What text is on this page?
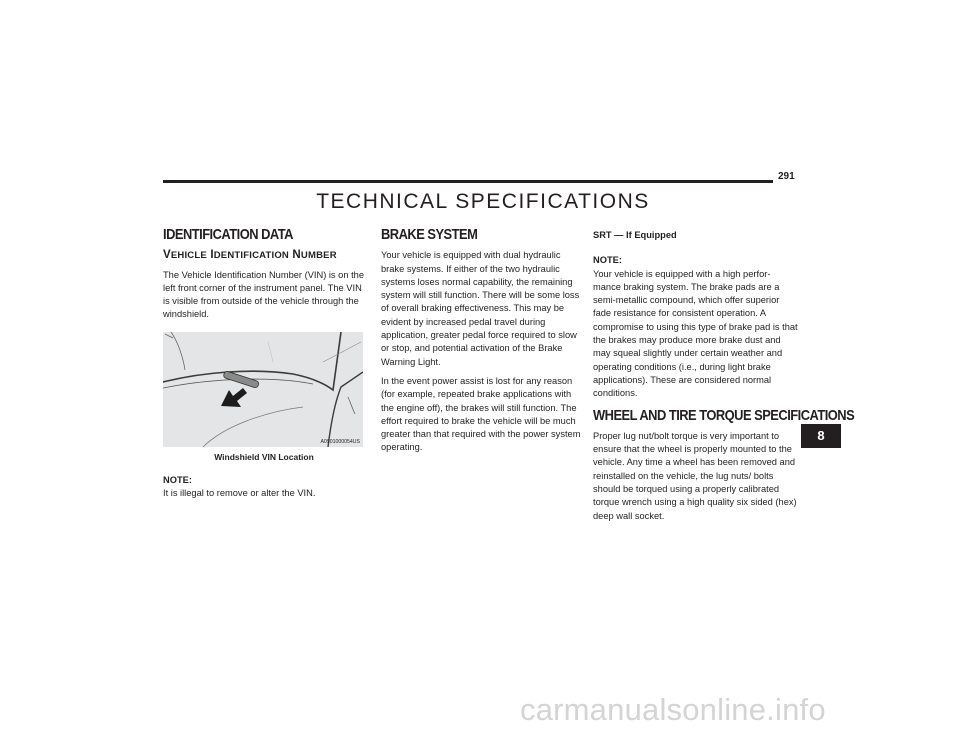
291
TECHNICAL SPECIFICATIONS
IDENTIFICATION DATA
VEHICLE IDENTIFICATION NUMBER

The Vehicle Identification Number (VIN) is on the left front corner of the instrument panel. The VIN is visible from outside of the vehicle through the windshield.

A0901000054US
Windshield VIN Location
NOTE:
It is illegal to remove or alter the VIN.
BRAKE SYSTEM

Your vehicle is equipped with dual hydraulic brake systems. If either of the two hydraulic systems loses normal capability, the remaining system will still function. There will be some loss of overall braking effectiveness. This may be evident by increased pedal travel during application, greater pedal force required to slow or stop, and potential activation of the Brake Warning Light.

In the event power assist is lost for any reason (for example, repeated brake applications with the engine off), the brakes will still function. The effort required to brake the vehicle will be much greater than that required with the power system operating.

SRT — If Equipped
NOTE:

Your vehicle is equipped with a high perfor-mance braking system. The brake pads are a semi-metallic compound, which offer superior fade resistance for consistent operation. A compromise to using this type of brake pad is that the brakes may produce more brake dust and may squeal slightly under certain weather and operating conditions (i.e., during light brake applications). These are considered normal conditions.

WHEEL AND TIRE TORQUE SPECIFICATIONS

Proper lug nut/bolt torque is very important to ensure that the wheel is properly mounted to the vehicle. Any time a wheel has been removed and reinstalled on the vehicle, the lug nuts/ bolts should be torqued using a properly calibrated torque wrench using a high quality six sided (hex) deep wall socket.

8
carmanualsonline.info
